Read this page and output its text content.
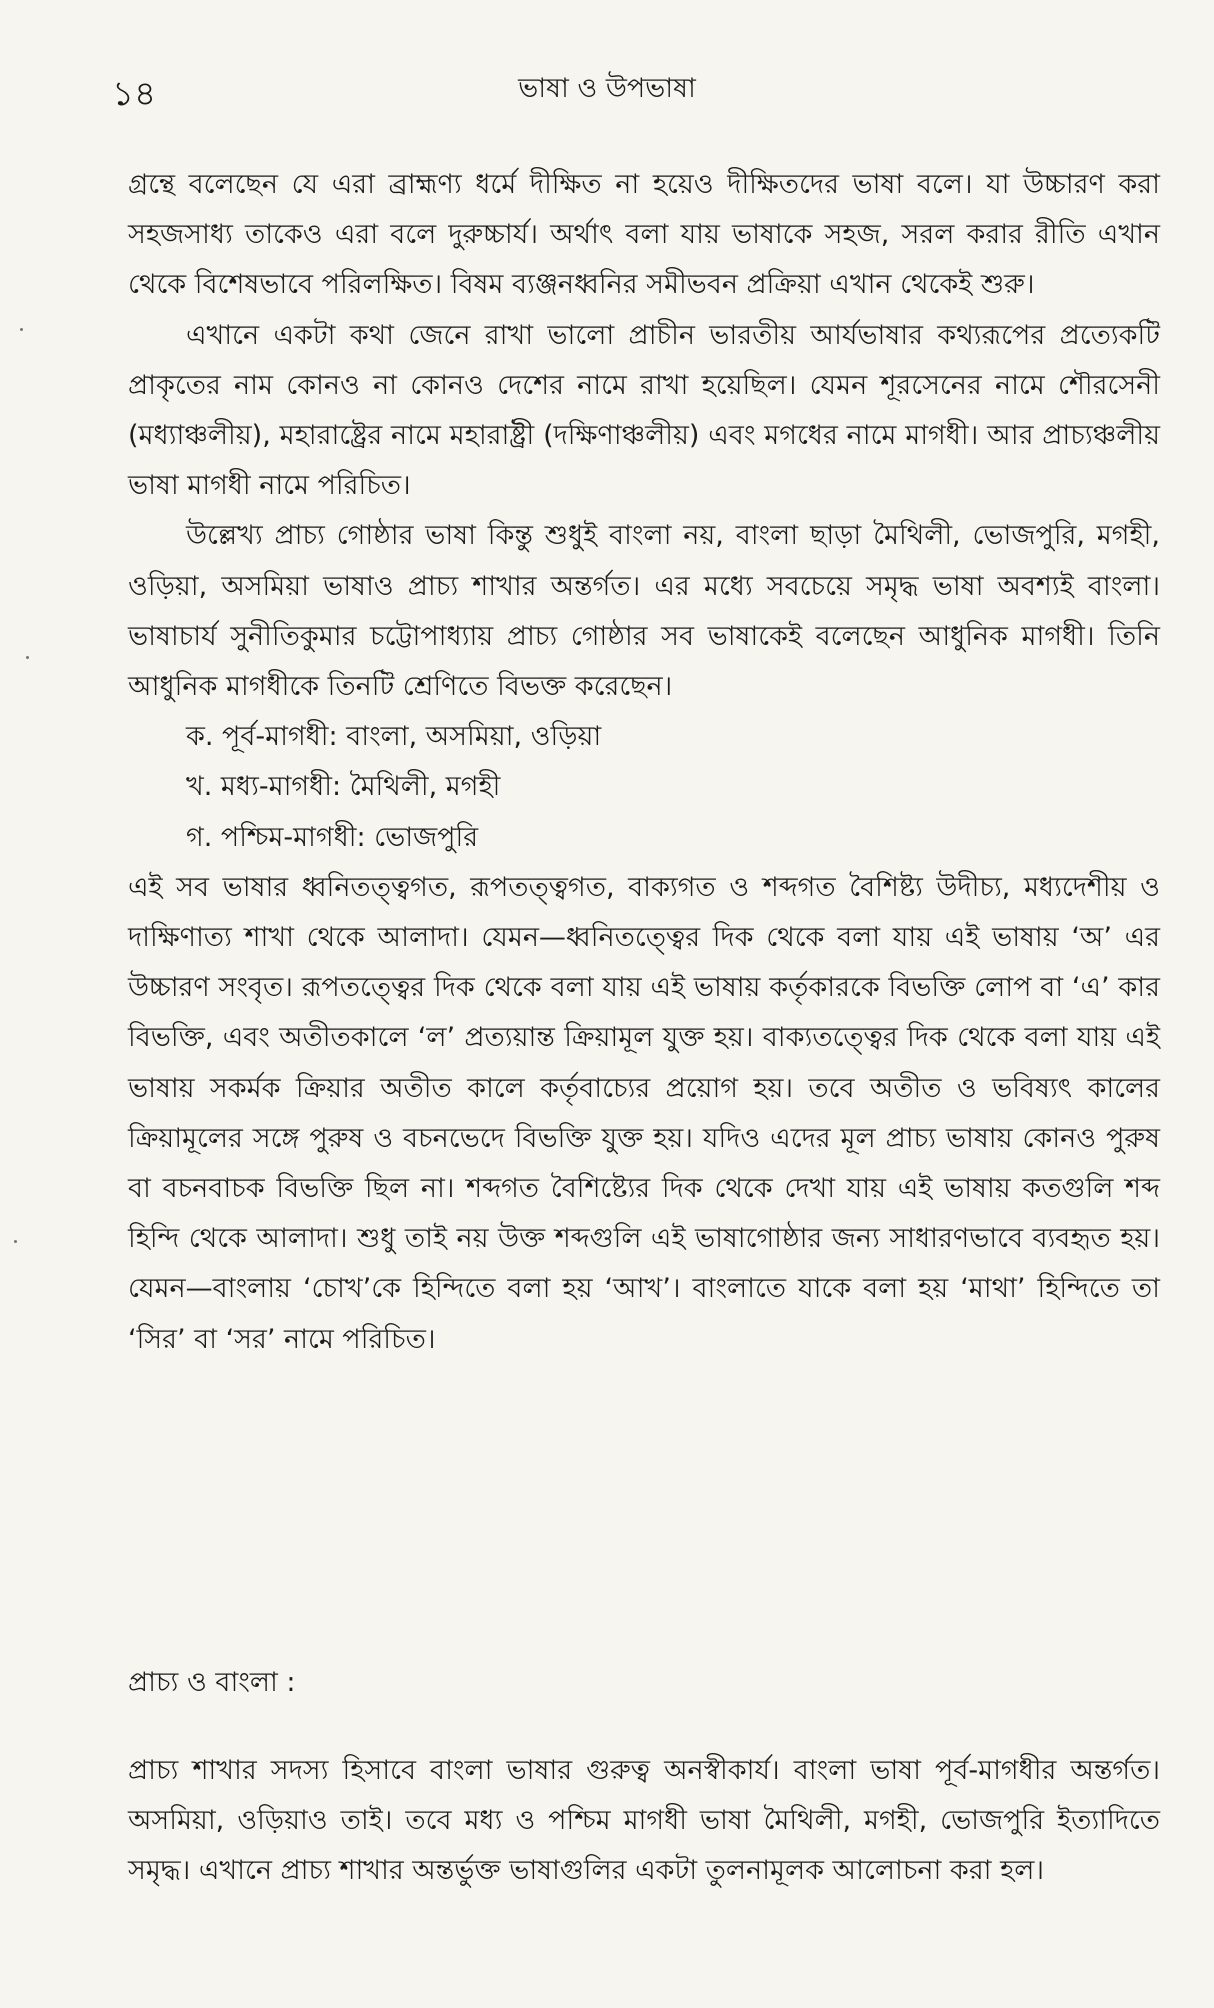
১৪	ভাষা ও উপভাষা

গ্রন্থে বলেছেন যে এরা ব্রাহ্মণ্য ধর্মে দীক্ষিত না হয়েও দীক্ষিতদের ভাষা বলে। যা উচ্চারণ করা সহজসাধ্য তাকেও এরা বলে দুরুচ্চার্য। অর্থাৎ বলা যায় ভাষাকে সহজ, সরল করার রীতি এখান থেকে বিশেষভাবে পরিলক্ষিত। বিষম ব্যঞ্জনধ্বনির সমীভবন প্রক্রিয়া এখান থেকেই শুরু।

এখানে একটা কথা জেনে রাখা ভালো প্রাচীন ভারতীয় আর্যভাষার কথ্যরূপের প্রত্যেকটি প্রাকৃতের নাম কোনও না কোনও দেশের নামে রাখা হয়েছিল। যেমন শূরসেনের নামে শৌরসেনী (মধ্যাঞ্চলীয়), মহারাষ্ট্রের নামে মহারাষ্ট্রী (দক্ষিণাঞ্চলীয়) এবং মগধের নামে মাগধী। আর প্রাচ্যঞ্চলীয় ভাষা মাগধী নামে পরিচিত।

উল্লেখ্য প্রাচ্য গোষ্ঠার ভাষা কিন্তু শুধুই বাংলা নয়, বাংলা ছাড়া মৈথিলী, ভোজপুরি, মগহী, ওড়িয়া, অসমিয়া ভাষাও প্রাচ্য শাখার অন্তর্গত। এর মধ্যে সবচেয়ে সমৃদ্ধ ভাষা অবশ্যই বাংলা। ভাষাচার্য সুনীতিকুমার চট্টোপাধ্যায় প্রাচ্য গোষ্ঠার সব ভাষাকেই বলেছেন আধুনিক মাগধী। তিনি আধুনিক মাগধীকে তিনটি শ্রেণিতে বিভক্ত করেছেন।

ক. পূর্ব-মাগধী: বাংলা, অসমিয়া, ওড়িয়া

খ. মধ্য-মাগধী: মৈথিলী, মগহী

গ. পশ্চিম-মাগধী: ভোজপুরি

এই সব ভাষার ধ্বনিতত্ত্বগত, রূপতত্ত্বগত, বাক্যগত ও শব্দগত বৈশিষ্ট্য উদীচ্য, মধ্যদেশীয় ও দাক্ষিণাত্য শাখা থেকে আলাদা। যেমন—ধ্বনিতত্ত্বের দিক থেকে বলা যায় এই ভাষায় ‘অ’ এর উচ্চারণ সংবৃত। রূপতত্ত্বের দিক থেকে বলা যায় এই ভাষায় কর্তৃকারকে বিভক্তি লোপ বা ‘এ’ কার বিভক্তি, এবং অতীতকালে ‘ল’ প্রত্যয়ান্ত ক্রিয়ামূল যুক্ত হয়। বাক্যতত্ত্বের দিক থেকে বলা যায় এই ভাষায় সকর্মক ক্রিয়ার অতীত কালে কর্তৃবাচ্যের প্রয়োগ হয়। তবে অতীত ও ভবিষ্যৎ কালের ক্রিয়ামূলের সঙ্গে পুরুষ ও বচনভেদে বিভক্তি যুক্ত হয়। যদিও এদের মূল প্রাচ্য ভাষায় কোনও পুরুষ বা বচনবাচক বিভক্তি ছিল না। শব্দগত বৈশিষ্ট্যের দিক থেকে দেখা যায় এই ভাষায় কতগুলি শব্দ হিন্দি থেকে আলাদা। শুধু তাই নয় উক্ত শব্দগুলি এই ভাষাগোষ্ঠার জন্য সাধারণভাবে ব্যবহৃত হয়। যেমন—বাংলায় ‘চোখ’কে হিন্দিতে বলা হয় ‘আখ’। বাংলাতে যাকে বলা হয় ‘মাথা’ হিন্দিতে তা ‘সির’ বা ‘সর’ নামে পরিচিত।

প্রাচ্য ও বাংলা :

প্রাচ্য শাখার সদস্য হিসাবে বাংলা ভাষার গুরুত্ব অনস্বীকার্য। বাংলা ভাষা পূর্ব-মাগধীর অন্তর্গত। অসমিয়া, ওড়িয়াও তাই। তবে মধ্য ও পশ্চিম মাগধী ভাষা মৈথিলী, মগহী, ভোজপুরি ইত্যাদিতে সমৃদ্ধ। এখানে প্রাচ্য শাখার অন্তর্ভুক্ত ভাষাগুলির একটা তুলনামূলক আলোচনা করা হল।
